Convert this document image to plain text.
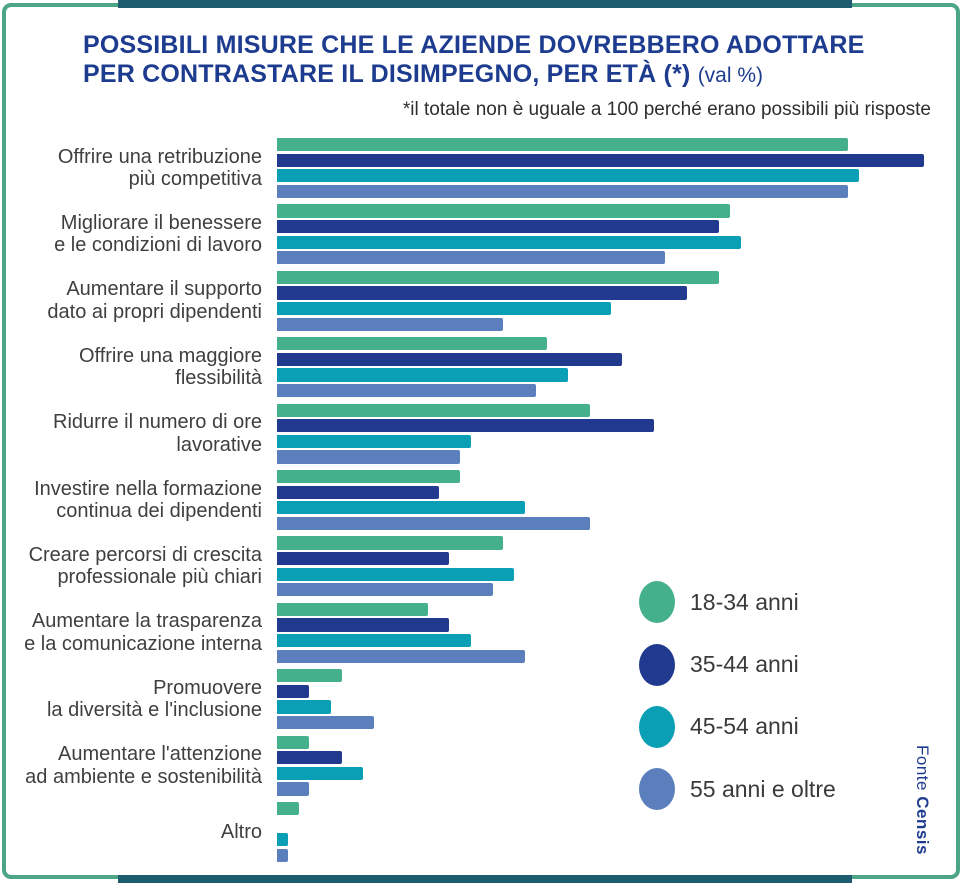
POSSIBILI MISURE CHE LE AZIENDE DOVREBBERO ADOTTARE
PER CONTRASTARE IL DISIMPEGNO, PER ETÀ (*) (val %)
*il totale non è uguale a 100 perché erano possibili più risposte
Offrire una retribuzione
più competitiva
Migliorare il benessere
e le condizioni di lavoro
Aumentare il supporto
dato ai propri dipendenti
Offrire una maggiore
flessibilità
Ridurre il numero di ore
lavorative
Investire nella formazione
continua dei dipendenti
Creare percorsi di crescita
professionale più chiari
Aumentare la trasparenza
e la comunicazione interna
Promuovere
la diversità e l'inclusione
Aumentare l'attenzione
ad ambiente e sostenibilità
Altro
18-34 anni
35-44 anni
45-54 anni
55 anni e oltre	Fonte Censis
